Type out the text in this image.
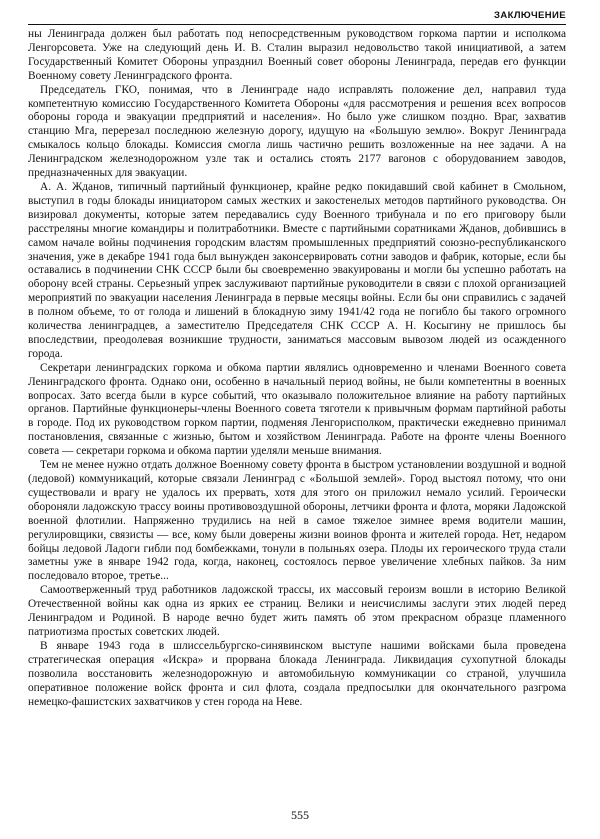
ЗАКЛЮЧЕНИЕ

ны Ленинграда должен был работать под непосредственным руководством горкома партии и исполкома Ленгорсовета. Уже на следующий день И. В. Сталин выразил недовольство такой инициативой, а затем Государственный Комитет Обороны упразднил Военный совет обороны Ленинграда, передав его функции Военному совету Ленинградского фронта.

Председатель ГКО, понимая, что в Ленинграде надо исправлять положение дел, направил туда компетентную комиссию Государственного Комитета Обороны «для рассмотрения и решения всех вопросов обороны города и эвакуации предприятий и населения». Но было уже слишком поздно. Враг, захватив станцию Мга, перерезал последнюю железную дорогу, идущую на «Большую землю». Вокруг Ленинграда смыкалось кольцо блокады. Комиссия смогла лишь частично решить возложенные на нее задачи. А на Ленинградском железнодорожном узле так и остались стоять 2177 вагонов с оборудованием заводов, предназначенных для эвакуации.

А. А. Жданов, типичный партийный функционер, крайне редко покидавший свой кабинет в Смольном, выступил в годы блокады инициатором самых жестких и закостенелых методов партийного руководства. Он визировал документы, которые затем передавались суду Военного трибунала и по его приговору были расстреляны многие командиры и политработники. Вместе с партийными соратниками Жданов, добившись в самом начале войны подчинения городским властям промышленных предприятий союзно-республиканского значения, уже в декабре 1941 года был вынужден законсервировать сотни заводов и фабрик, которые, если бы оставались в подчинении СНК СССР были бы своевременно эвакуированы и могли бы успешно работать на оборону всей страны. Серьезный упрек заслуживают партийные руководители в связи с плохой организацией мероприятий по эвакуации населения Ленинграда в первые месяцы войны. Если бы они справились с задачей в полном объеме, то от голода и лишений в блокадную зиму 1941/42 года не погибло бы такого огромного количества ленинградцев, а заместителю Председателя СНК СССР А. Н. Косыгину не пришлось бы впоследствии, преодолевая возникшие трудности, заниматься массовым вывозом людей из осажденного города.

Секретари ленинградских горкома и обкома партии являлись одновременно и членами Военного совета Ленинградского фронта. Однако они, особенно в начальный период войны, не были компетентны в военных вопросах. Зато всегда были в курсе событий, что оказывало положительное влияние на работу партийных органов. Партийные функционеры-члены Военного совета тяготели к привычным формам партийной работы в городе. Под их руководством горком партии, подменяя Ленгорисполком, практически ежедневно принимал постановления, связанные с жизнью, бытом и хозяйством Ленинграда. Работе на фронте члены Военного совета — секретари горкома и обкома партии уделяли меньше внимания.

Тем не менее нужно отдать должное Военному совету фронта в быстром установлении воздушной и водной (ледовой) коммуникаций, которые связали Ленинград с «Большой землей». Город выстоял потому, что они существовали и врагу не удалось их прервать, хотя для этого он приложил немало усилий. Героически обороняли ладожскую трассу воины противовоздушной обороны, летчики фронта и флота, моряки Ладожской военной флотилии. Напряженно трудились на ней в самое тяжелое зимнее время водители машин, регулировщики, связисты — все, кому были доверены жизни воинов фронта и жителей города. Нет, недаром бойцы ледовой Ладоги гибли под бомбежками, тонули в полыньях озера. Плоды их героического труда стали заметны уже в январе 1942 года, когда, наконец, состоялось первое увеличение хлебных пайков. За ним последовало второе, третье...

Самоотверженный труд работников ладожской трассы, их массовый героизм вошли в историю Великой Отечественной войны как одна из ярких ее страниц. Велики и неисчислимы заслуги этих людей перед Ленинградом и Родиной. В народе вечно будет жить память об этом прекрасном образце пламенного патриотизма простых советских людей.

В январе 1943 года в шлиссельбургско-синявинском выступе нашими войсками была проведена стратегическая операция «Искра» и прорвана блокада Ленинграда. Ликвидация сухопутной блокады позволила восстановить железнодорожную и автомобильную коммуникации со страной, улучшила оперативное положение войск фронта и сил флота, создала предпосылки для окончательного разгрома немецко-фашистских захватчиков у стен города на Неве.

555
